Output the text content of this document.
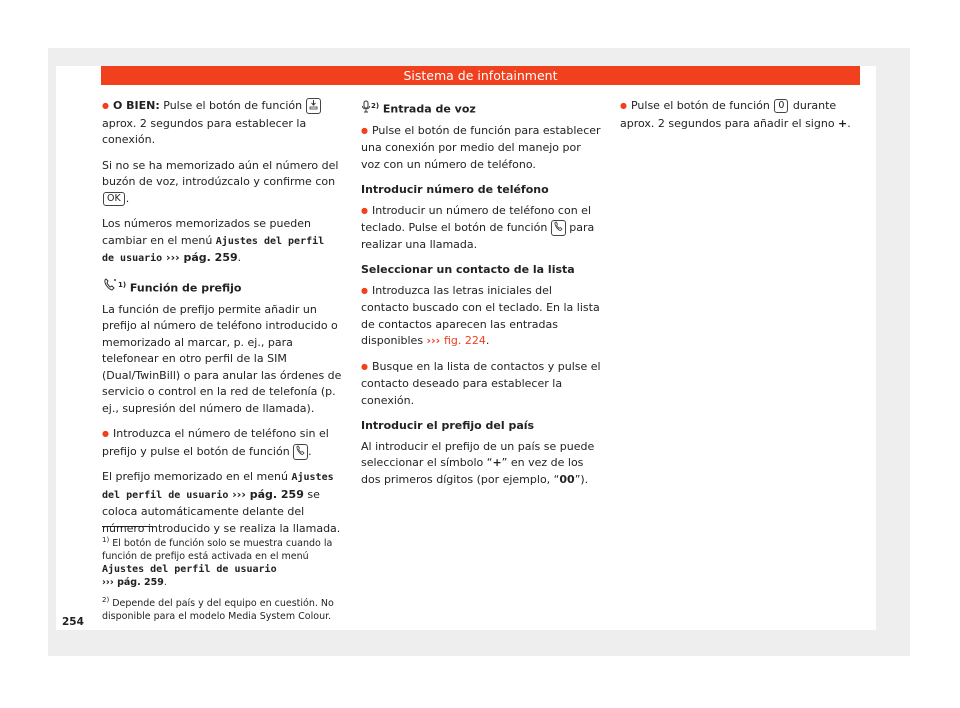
Sistema de infotainment

● O BIEN: Pulse el botón de función  aprox. 2 segundos para establecer la conexión.

Si no se ha memorizado aún el número del buzón de voz, introdúzcalo y confirme con OK .

Los números memorizados se pueden cambiar en el menú Ajustes del perfil de usuario ››› pág. 259.

$^{1)}$ Función de prefijo

La función de prefijo permite añadir un prefijo al número de teléfono introducido o memorizado al marcar, p. ej., para telefonear en otro perfil de la SIM (Dual/TwinBill) o para anular las órdenes de servicio o control en la red de telefonía (p. ej., supresión del número de llamada).

● Introduzca el número de teléfono sin el prefijo y pulse el botón de función .

El prefijo memorizado en el menú Ajustes del perfil de usuario ››› pág. 259 se coloca automáticamente delante del número introducido y se realiza la llamada.

$^{2)}$ Entrada de voz

● Pulse el botón de función para establecer una conexión por medio del manejo por voz con un número de teléfono.

Introducir número de teléfono

● Introducir un número de teléfono con el teclado. Pulse el botón de función  para realizar una llamada.

Seleccionar un contacto de la lista

● Introduzca las letras iniciales del contacto buscado con el teclado. En la lista de contactos aparecen las entradas disponibles ››› fig. 224.

● Busque en la lista de contactos y pulse el contacto deseado para establecer la conexión.

Introducir el prefijo del país

Al introducir el prefijo de un país se puede seleccionar el símbolo “+” en vez de los dos primeros dígitos (por ejemplo, “00”).

● Pulse el botón de función 0 durante aprox. 2 segundos para añadir el signo +.

$^{1)}$ El botón de función solo se muestra cuando la función de prefijo está activada en el menú Ajustes del perfil de usuario
››› pág. 259.
$^{2)}$ Depende del país y del equipo en cuestión. No disponible para el modelo Media System Colour.
254
